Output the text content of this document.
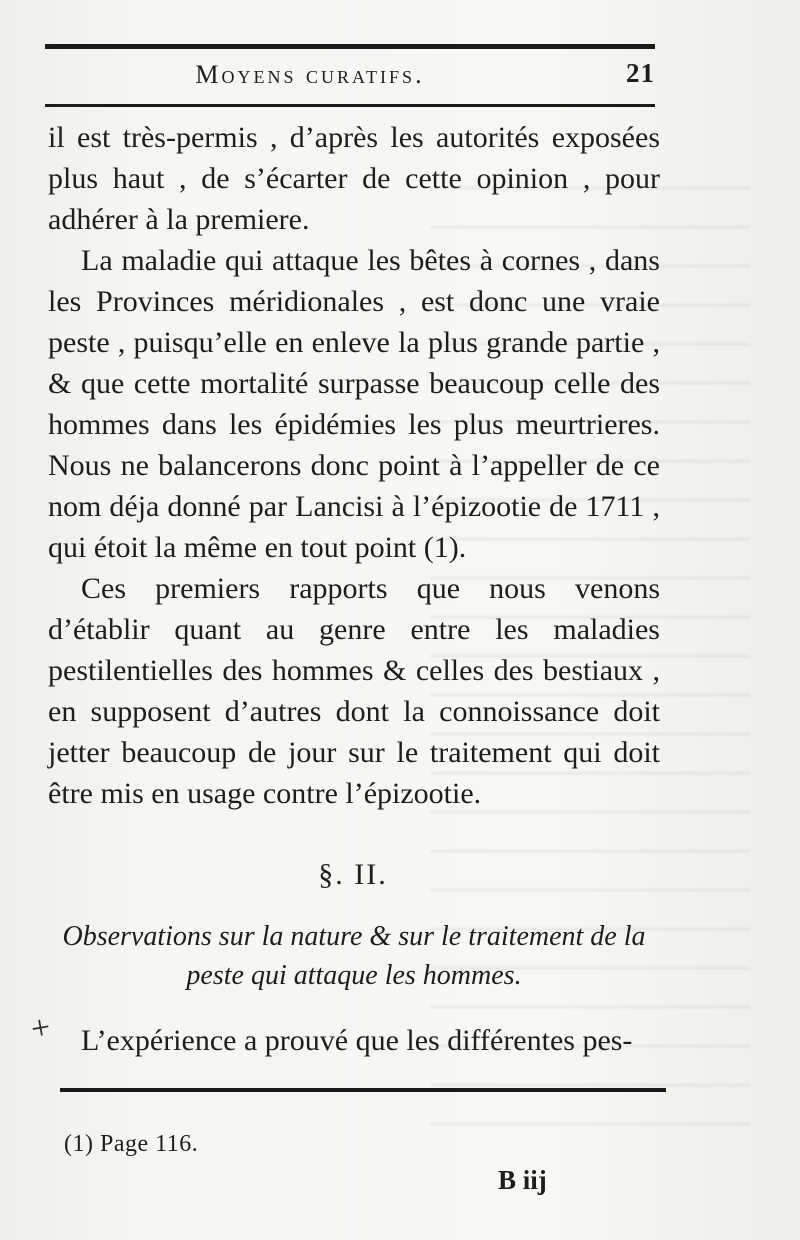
Moyens curatifs.	21

il est très-permis , d’après les autorités exposées plus haut , de s’écarter de cette opinion , pour adhérer à la premiere.

La maladie qui attaque les bêtes à cornes , dans les Provinces méridionales , est donc une vraie peste , puisqu’elle en enleve la plus grande partie , & que cette mortalité surpasse beaucoup celle des hommes dans les épidémies les plus meurtrieres. Nous ne balancerons donc point à l’appeller de ce nom déja donné par Lancisi à l’épizootie de 1711 , qui étoit la même en tout point (1).

Ces premiers rapports que nous venons d’établir quant au genre entre les maladies pestilentielles des hommes & celles des bestiaux , en supposent d’autres dont la connoissance doit jetter beaucoup de jour sur le traitement qui doit être mis en usage contre l’épizootie.

§. II.
Observations sur la nature & sur le traitement de la peste qui attaque les hommes.
+ L’expérience a prouvé que les différentes pes-
(1) Page 116.
B iij
